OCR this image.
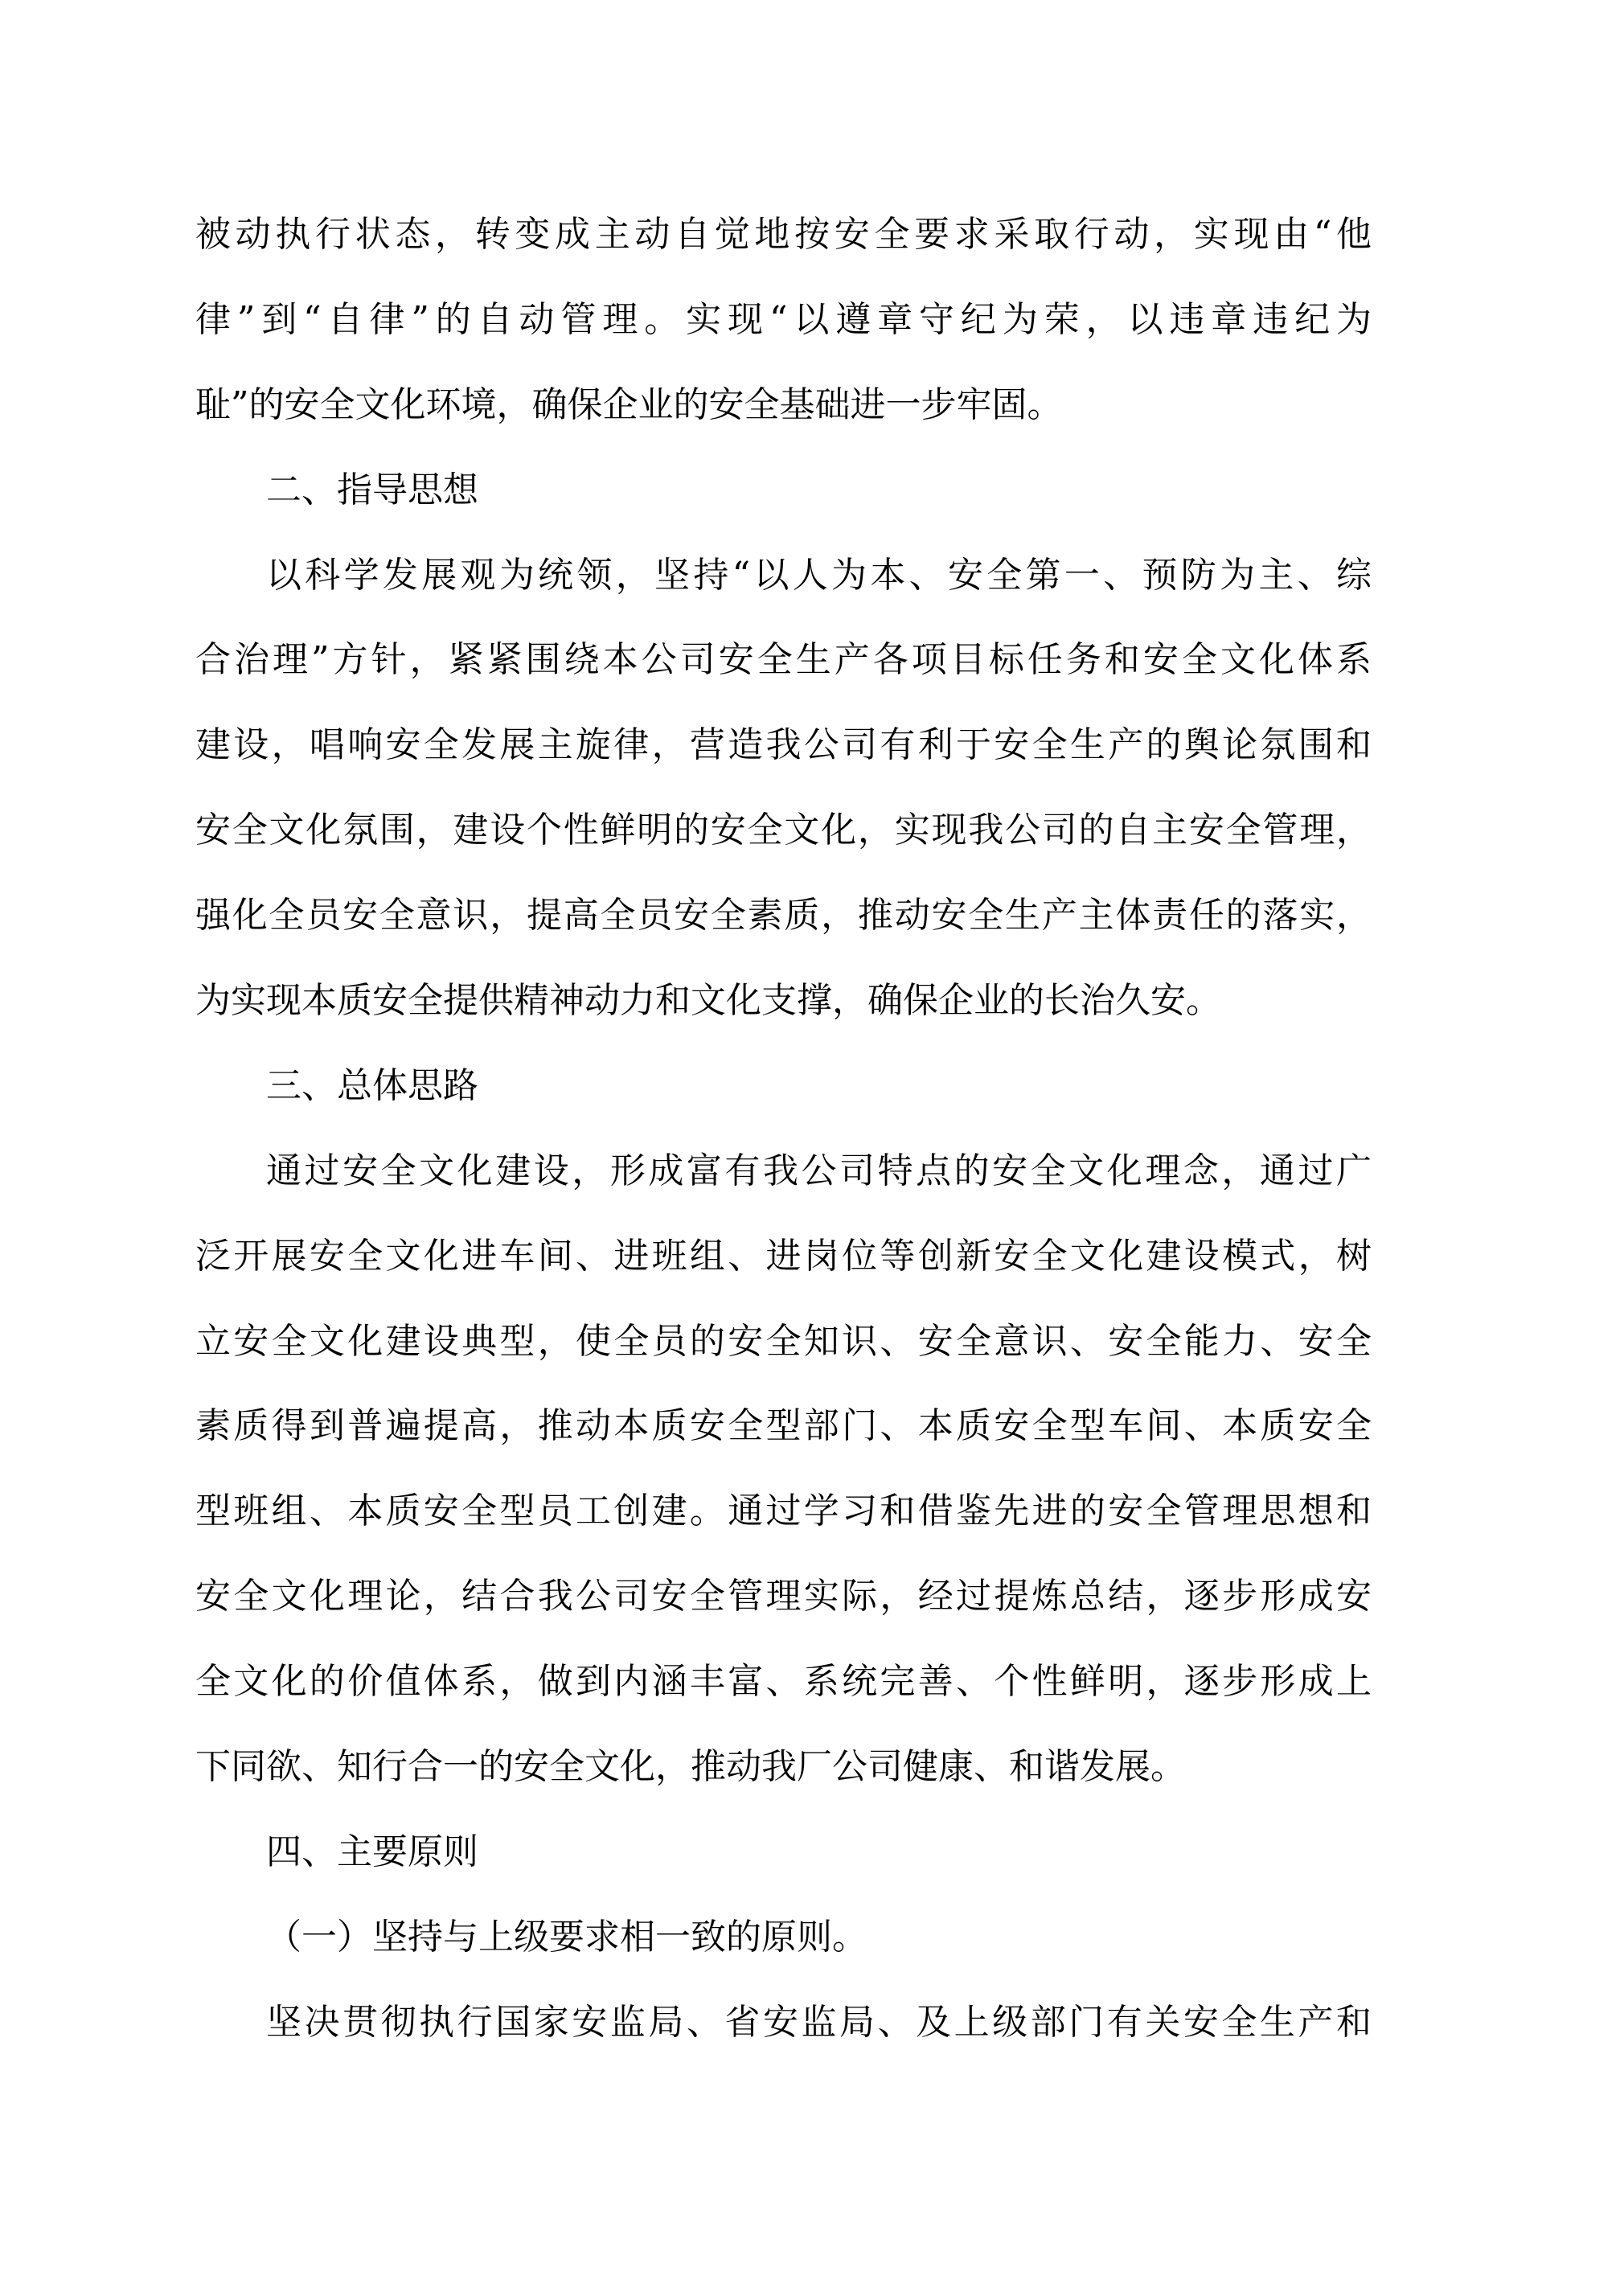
被动执行状态，转变成主动自觉地按安全要求采取行动，实现由“他
律”到“自律”的自动管理。实现“以遵章守纪为荣，以违章违纪为
耻”的安全文化环境，确保企业的安全基础进一步牢固。
二、指导思想
以科学发展观为统领，坚持“以人为本、安全第一、预防为主、综
合治理”方针，紧紧围绕本公司安全生产各项目标任务和安全文化体系
建设，唱响安全发展主旋律，营造我公司有利于安全生产的舆论氛围和
安全文化氛围，建设个性鲜明的安全文化，实现我公司的自主安全管理，
强化全员安全意识，提高全员安全素质，推动安全生产主体责任的落实，
为实现本质安全提供精神动力和文化支撑，确保企业的长治久安。
三、总体思路
通过安全文化建设，形成富有我公司特点的安全文化理念，通过广
泛开展安全文化进车间、进班组、进岗位等创新安全文化建设模式，树
立安全文化建设典型，使全员的安全知识、安全意识、安全能力、安全
素质得到普遍提高，推动本质安全型部门、本质安全型车间、本质安全
型班组、本质安全型员工创建。通过学习和借鉴先进的安全管理思想和
安全文化理论，结合我公司安全管理实际，经过提炼总结，逐步形成安
全文化的价值体系，做到内涵丰富、系统完善、个性鲜明，逐步形成上
下同欲、知行合一的安全文化，推动我厂公司健康、和谐发展。
四、主要原则
（一）坚持与上级要求相一致的原则。
坚决贯彻执行国家安监局、省安监局、及上级部门有关安全生产和
